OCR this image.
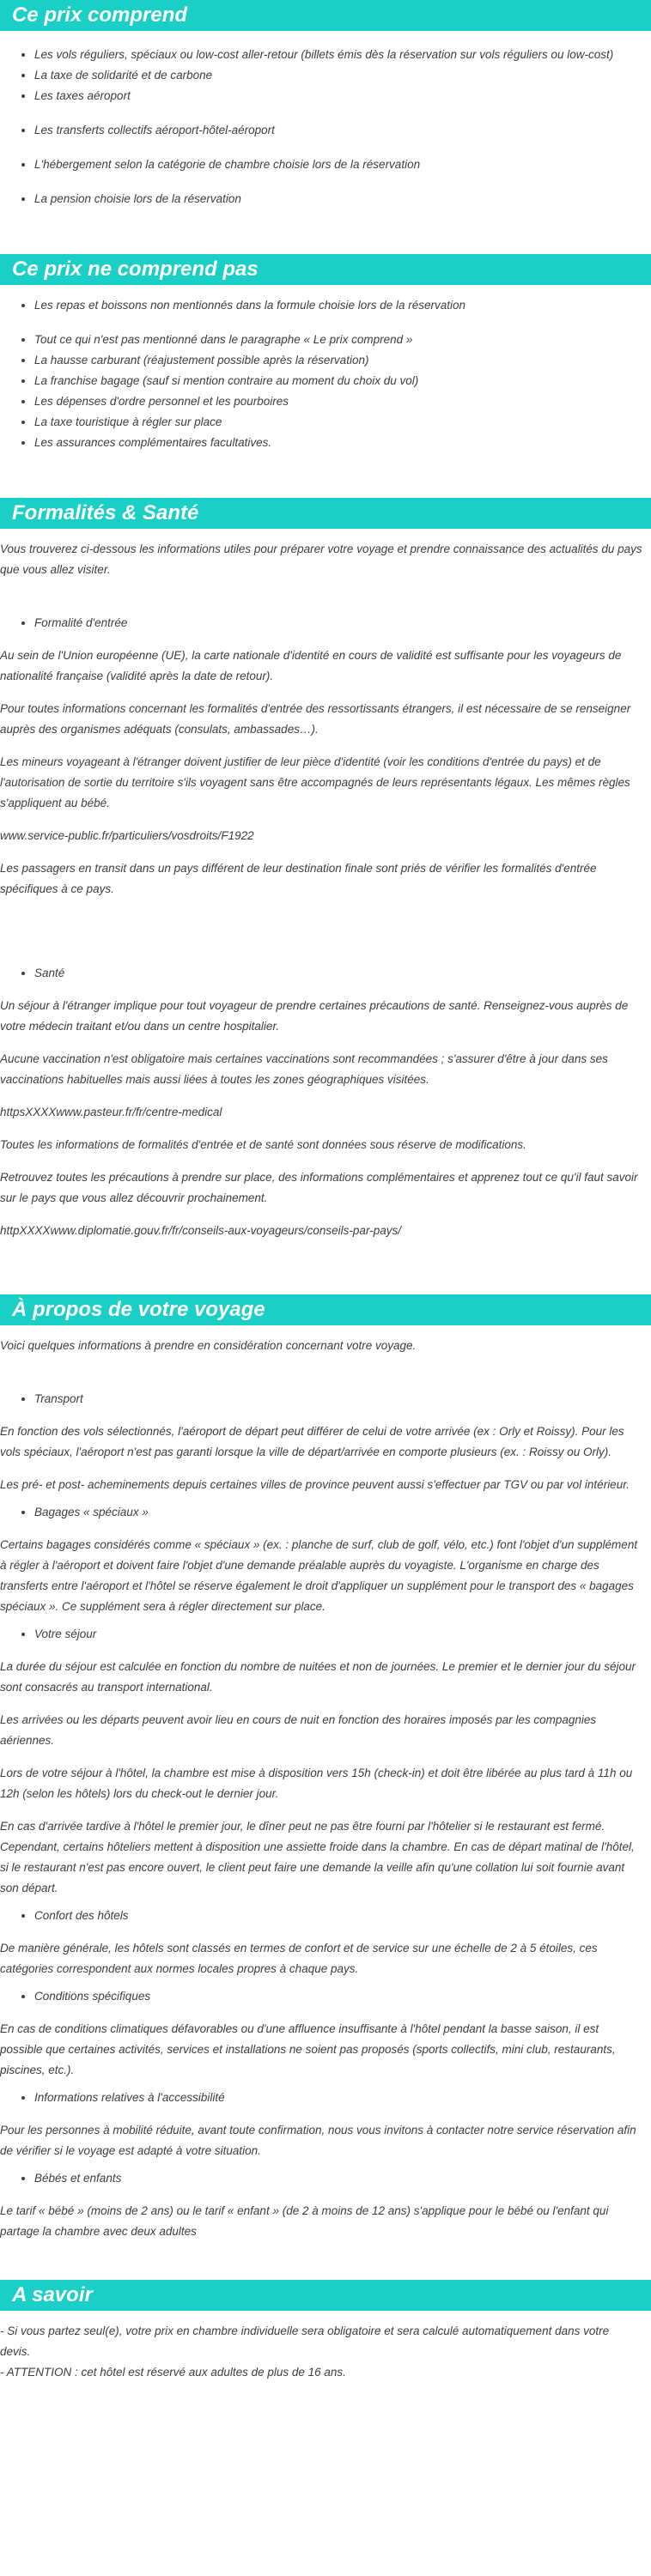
Ce prix comprend
• Les vols réguliers, spéciaux ou low-cost aller-retour (billets émis dès la réservation sur vols réguliers ou low-cost)
• La taxe de solidarité et de carbone
• Les taxes aéroport
• Les transferts collectifs aéroport-hôtel-aéroport
• L'hébergement selon la catégorie de chambre choisie lors de la réservation
• La pension choisie lors de la réservation
Ce prix ne comprend pas
• Les repas et boissons non mentionnés dans la formule choisie lors de la réservation
• Tout ce qui n'est pas mentionné dans le paragraphe « Le prix comprend »
• La hausse carburant (réajustement possible après la réservation)
• La franchise bagage (sauf si mention contraire au moment du choix du vol)
• Les dépenses d'ordre personnel et les pourboires
• La taxe touristique à régler sur place
• Les assurances complémentaires facultatives.
Formalités & Santé

Vous trouverez ci-dessous les informations utiles pour préparer votre voyage et prendre connaissance des actualités du pays que vous allez visiter.

• Formalité d'entrée

Au sein de l'Union européenne (UE), la carte nationale d'identité en cours de validité est suffisante pour les voyageurs de nationalité française (validité après la date de retour).

Pour toutes informations concernant les formalités d'entrée des ressortissants étrangers, il est nécessaire de se renseigner auprès des organismes adéquats (consulats, ambassades…).

Les mineurs voyageant à l'étranger doivent justifier de leur pièce d'identité (voir les conditions d'entrée du pays) et de l'autorisation de sortie du territoire s'ils voyagent sans être accompagnés de leurs représentants légaux. Les mêmes règles s'appliquent au bébé.

www.service-public.fr/particuliers/vosdroits/F1922

Les passagers en transit dans un pays différent de leur destination finale sont priés de vérifier les formalités d'entrée spécifiques à ce pays.

• Santé

Un séjour à l'étranger implique pour tout voyageur de prendre certaines précautions de santé. Renseignez-vous auprès de votre médecin traitant et/ou dans un centre hospitalier.

Aucune vaccination n'est obligatoire mais certaines vaccinations sont recommandées ; s'assurer d'être à jour dans ses vaccinations habituelles mais aussi liées à toutes les zones géographiques visitées.

httpsXXXXwww.pasteur.fr/fr/centre-medical

Toutes les informations de formalités d'entrée et de santé sont données sous réserve de modifications.

Retrouvez toutes les précautions à prendre sur place, des informations complémentaires et apprenez tout ce qu'il faut savoir sur le pays que vous allez découvrir prochainement.

httpXXXXwww.diplomatie.gouv.fr/fr/conseils-aux-voyageurs/conseils-par-pays/

À propos de votre voyage

Voici quelques informations à prendre en considération concernant votre voyage.

• Transport

En fonction des vols sélectionnés, l'aéroport de départ peut différer de celui de votre arrivée (ex : Orly et Roissy). Pour les vols spéciaux, l'aéroport n'est pas garanti lorsque la ville de départ/arrivée en comporte plusieurs (ex. : Roissy ou Orly).

Les pré- et post- acheminements depuis certaines villes de province peuvent aussi s'effectuer par TGV ou par vol intérieur.

• Bagages « spéciaux »

Certains bagages considérés comme « spéciaux » (ex. : planche de surf, club de golf, vélo, etc.) font l'objet d'un supplément à régler à l'aéroport et doivent faire l'objet d'une demande préalable auprès du voyagiste. L'organisme en charge des transferts entre l'aéroport et l'hôtel se réserve également le droit d'appliquer un supplément pour le transport des « bagages spéciaux ». Ce supplément sera à régler directement sur place.

• Votre séjour

La durée du séjour est calculée en fonction du nombre de nuitées et non de journées. Le premier et le dernier jour du séjour sont consacrés au transport international.

Les arrivées ou les départs peuvent avoir lieu en cours de nuit en fonction des horaires imposés par les compagnies aériennes.

Lors de votre séjour à l'hôtel, la chambre est mise à disposition vers 15h (check-in) et doit être libérée au plus tard à 11h ou 12h (selon les hôtels) lors du check-out le dernier jour.

En cas d'arrivée tardive à l'hôtel le premier jour, le dîner peut ne pas être fourni par l'hôtelier si le restaurant est fermé. Cependant, certains hôteliers mettent à disposition une assiette froide dans la chambre. En cas de départ matinal de l'hôtel, si le restaurant n'est pas encore ouvert, le client peut faire une demande la veille afin qu'une collation lui soit fournie avant son départ.

• Confort des hôtels

De manière générale, les hôtels sont classés en termes de confort et de service sur une échelle de 2 à 5 étoiles, ces catégories correspondent aux normes locales propres à chaque pays.

• Conditions spécifiques

En cas de conditions climatiques défavorables ou d'une affluence insuffisante à l'hôtel pendant la basse saison, il est possible que certaines activités, services et installations ne soient pas proposés (sports collectifs, mini club, restaurants, piscines, etc.).

• Informations relatives à l'accessibilité

Pour les personnes à mobilité réduite, avant toute confirmation, nous vous invitons à contacter notre service réservation afin de vérifier si le voyage est adapté à votre situation.

• Bébés et enfants

Le tarif « bébé » (moins de 2 ans) ou le tarif « enfant » (de 2 à moins de 12 ans) s'applique pour le bébé ou l'enfant qui partage la chambre avec deux adultes

A savoir

- Si vous partez seul(e), votre prix en chambre individuelle sera obligatoire et sera calculé automatiquement dans votre devis.

- ATTENTION : cet hôtel est réservé aux adultes de plus de 16 ans.
